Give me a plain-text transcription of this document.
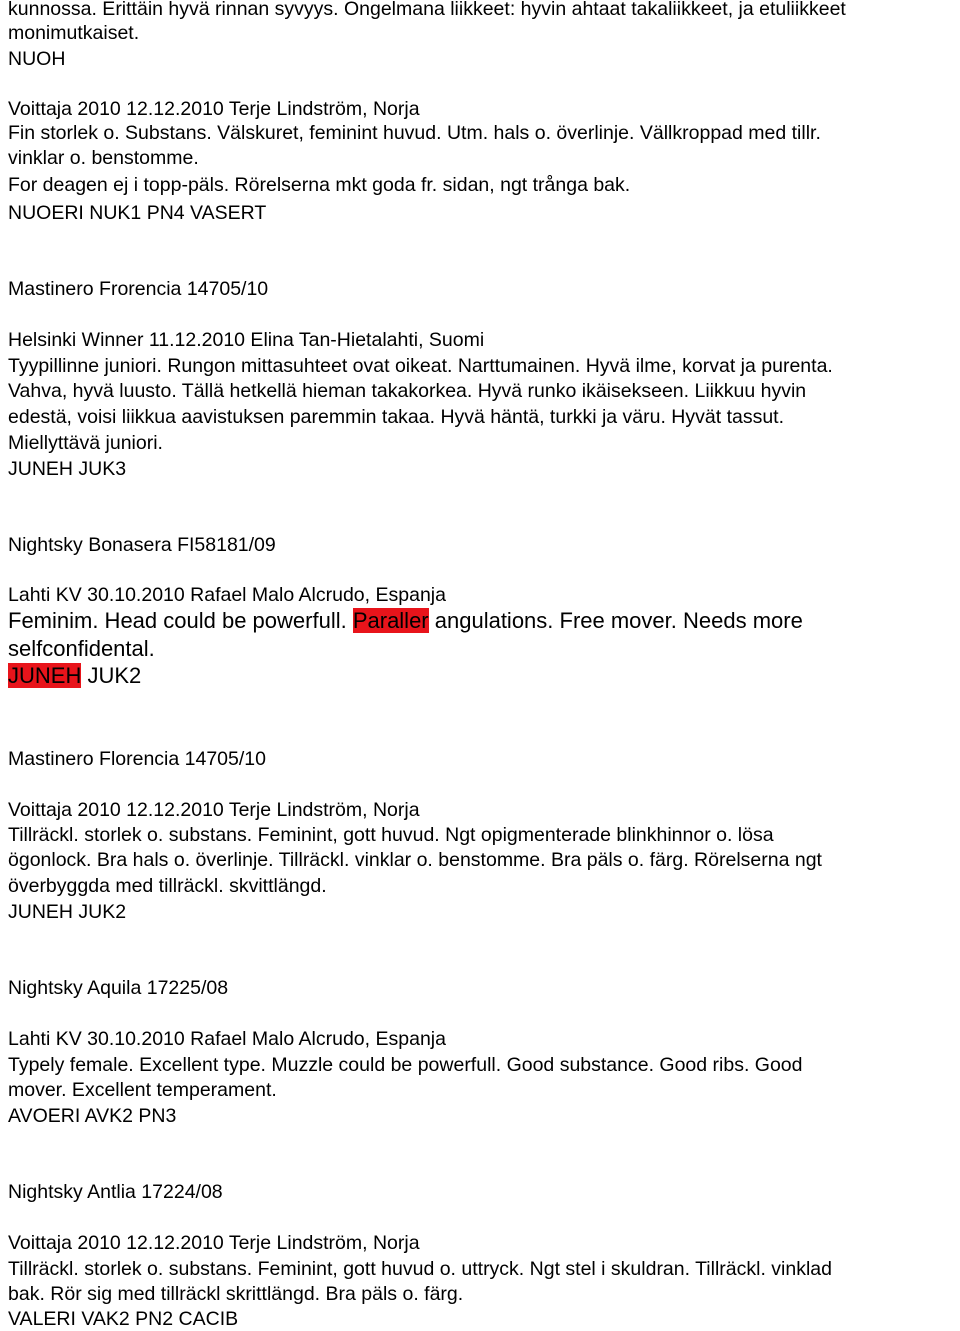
kunnossa. Erittäin hyvä rinnan syvyys. Ongelmana liikkeet: hyvin ahtaat takaliikkeet, ja etuliikkeet

monimutkaiset.

NUOH

Voittaja 2010 12.12.2010 Terje Lindström, Norja

Fin storlek o. Substans. Välskuret, feminint huvud. Utm. hals o. överlinje. Vällkroppad med tillr.

vinklar o. benstomme.

For deagen ej i topp-päls. Rörelserna mkt goda fr. sidan, ngt trånga bak.

NUOERI NUK1 PN4 VASERT

Mastinero Frorencia 14705/10

Helsinki Winner 11.12.2010 Elina Tan-Hietalahti, Suomi

Tyypillinne juniori. Rungon mittasuhteet ovat oikeat. Narttumainen. Hyvä ilme, korvat ja purenta.

Vahva, hyvä luusto. Tällä hetkellä hieman takakorkea. Hyvä runko ikäisekseen. Liikkuu hyvin

edestä, voisi liikkua aavistuksen paremmin takaa. Hyvä häntä, turkki ja väru. Hyvät tassut.

Miellyttävä juniori.

JUNEH JUK3

Nightsky Bonasera FI58181/09

Lahti KV 30.10.2010 Rafael Malo Alcrudo, Espanja

Feminim. Head could be powerfull. Paraller angulations. Free mover. Needs more

selfconfidental.

JUNEH JUK2

Mastinero Florencia 14705/10

Voittaja 2010 12.12.2010 Terje Lindström, Norja

Tillräckl. storlek o. substans. Feminint, gott huvud. Ngt opigmenterade blinkhinnor o. lösa

ögonlock. Bra hals o. överlinje. Tillräckl. vinklar o. benstomme. Bra päls o. färg. Rörelserna ngt

överbyggda med tillräckl. skvittlängd.

JUNEH JUK2

Nightsky Aquila 17225/08

Lahti KV 30.10.2010 Rafael Malo Alcrudo, Espanja

Typely female. Excellent type. Muzzle could be powerfull. Good substance. Good ribs. Good

mover. Excellent temperament.

AVOERI AVK2 PN3

Nightsky Antlia 17224/08

Voittaja 2010 12.12.2010 Terje Lindström, Norja

Tillräckl. storlek o. substans. Feminint, gott huvud o. uttryck. Ngt stel i skuldran. Tillräckl. vinklad

bak. Rör sig med tillräckl skrittlängd. Bra päls o. färg.

VALERI VAK2 PN2 CACIB
